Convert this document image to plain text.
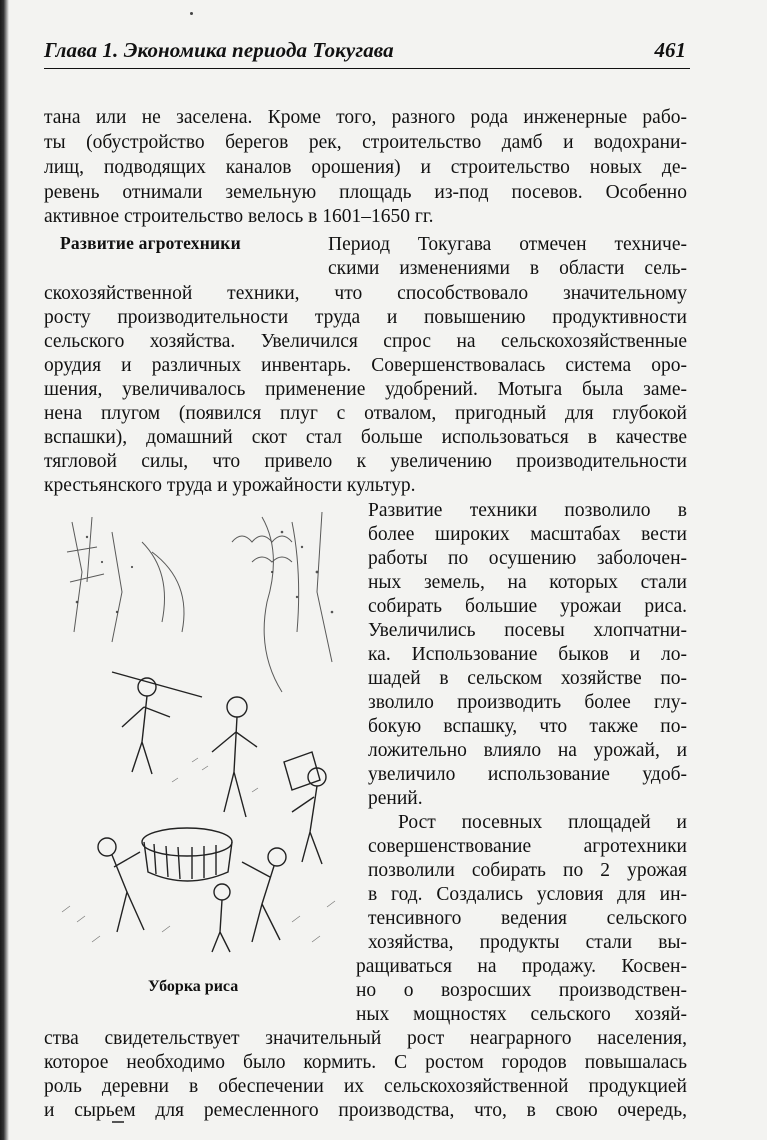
Глава 1. Экономика периода Токугава	461
Развитие агротехники
тана или не заселена. Кроме того, разного рода инженерные рабо-
ты (обустройство берегов рек, строительство дамб и водохрани-
лищ, подводящих каналов орошения) и строительство новых де-
ревень отнимали земельную площадь из-под посевов. Особенно
активное строительство велось в 1601–1650 гг.
Период Токугава отмечен техниче-
скими изменениями в области сель-
скохозяйственной техники, что способствовало значительному
росту производительности труда и повышению продуктивности
сельского хозяйства. Увеличился спрос на сельскохозяйственные
орудия и различных инвентарь. Совершенствовалась система оро-
шения, увеличивалось применение удобрений. Мотыга была заме-
нена плугом (появился плуг с отвалом, пригодный для глубокой
вспашки), домашний скот стал больше использоваться в качестве
тягловой силы, что привело к увеличению производительности
крестьянского труда и урожайности культур.
Развитие техники позволило в
более широких масштабах вести
работы по осушению заболочен-
ных земель, на которых стали
собирать большие урожаи риса.
Увеличились посевы хлопчатни-
ка. Использование быков и ло-
шадей в сельском хозяйстве по-
зволило производить более глу-
бокую вспашку, что также по-
ложительно влияло на урожай, и
увеличило использование удоб-
рений.
Рост посевных площадей и
совершенствование агротехники
позволили собирать по 2 урожая
в год. Создались условия для ин-
тенсивного ведения сельского
хозяйства, продукты стали вы-
ращиваться на продажу. Косвен-
но о возросших производствен-
ных мощностях сельского хозяй-
ства свидетельствует значительный рост неаграрного населения,
которое необходимо было кормить. С ростом городов повышалась
роль деревни в обеспечении их сельскохозяйственной продукцией
и сырьем для ремесленного производства, что, в свою очередь,
Уборка риса
